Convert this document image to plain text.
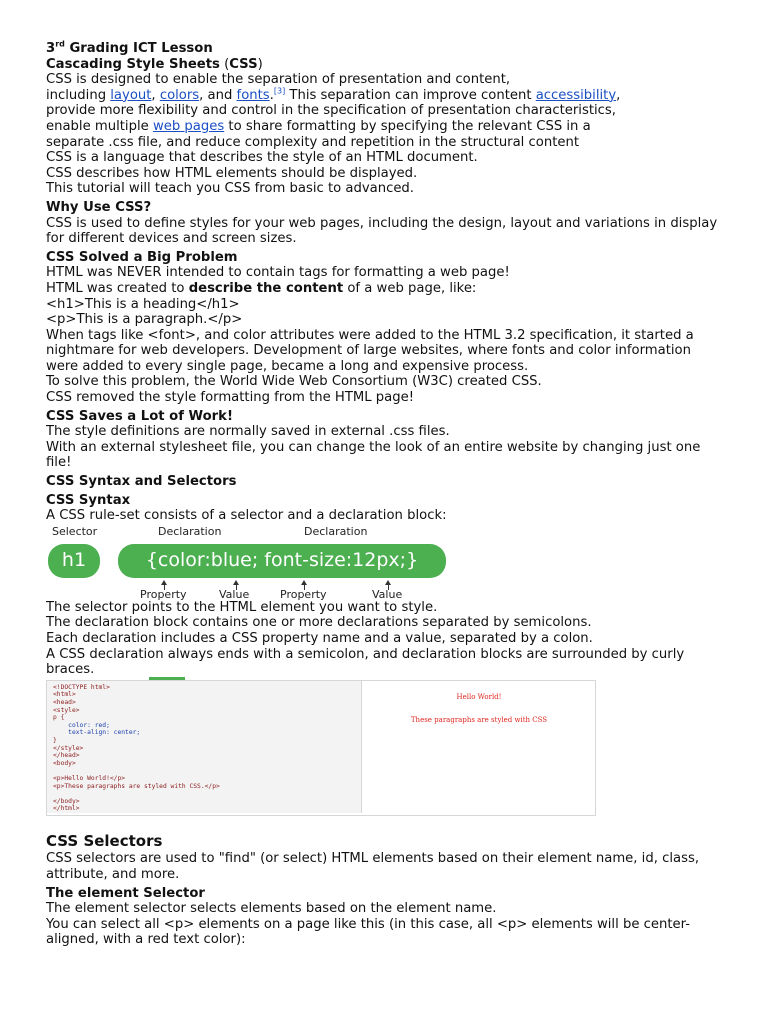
3rd Grading ICT Lesson

Cascading Style Sheets (CSS)

CSS is designed to enable the separation of presentation and content,

including layout, colors, and fonts.[3] This separation can improve content accessibility,

provide more flexibility and control in the specification of presentation characteristics,

enable multiple web pages to share formatting by specifying the relevant CSS in a

separate .css file, and reduce complexity and repetition in the structural content

CSS is a language that describes the style of an HTML document.

CSS describes how HTML elements should be displayed.

This tutorial will teach you CSS from basic to advanced.

Why Use CSS?

CSS is used to define styles for your web pages, including the design, layout and variations in display for different devices and screen sizes.

CSS Solved a Big Problem

HTML was NEVER intended to contain tags for formatting a web page!

HTML was created to describe the content of a web page, like:

<h1>This is a heading</h1>

<p>This is a paragraph.</p>

When tags like <font>, and color attributes were added to the HTML 3.2 specification, it started a nightmare for web developers. Development of large websites, where fonts and color information were added to every single page, became a long and expensive process.

To solve this problem, the World Wide Web Consortium (W3C) created CSS.

CSS removed the style formatting from the HTML page!

CSS Saves a Lot of Work!

The style definitions are normally saved in external .css files.

With an external stylesheet file, you can change the look of an entire website by changing just one file!

CSS Syntax and Selectors

CSS Syntax

A CSS rule-set consists of a selector and a declaration block:

Selector	Declaration	Declaration
h1	{color:blue; font-size:12px;}
Property	Value	Property	Value

The selector points to the HTML element you want to style.

The declaration block contains one or more declarations separated by semicolons.

Each declaration includes a CSS property name and a value, separated by a colon.

A CSS declaration always ends with a semicolon, and declaration blocks are surrounded by curly braces.

<!DOCTYPE html>
<html>
<head>
<style>
p {
color: red;
text-align: center;
}
</style>
</head>
<body>

<p>Hello World!</p>
<p>These paragraphs are styled with CSS.</p>

</body>
</html>

Hello World!

These paragraphs are styled with CSS

CSS Selectors

CSS selectors are used to "find" (or select) HTML elements based on their element name, id, class, attribute, and more.

The element Selector

The element selector selects elements based on the element name.

You can select all <p> elements on a page like this (in this case, all <p> elements will be center-aligned, with a red text color):
